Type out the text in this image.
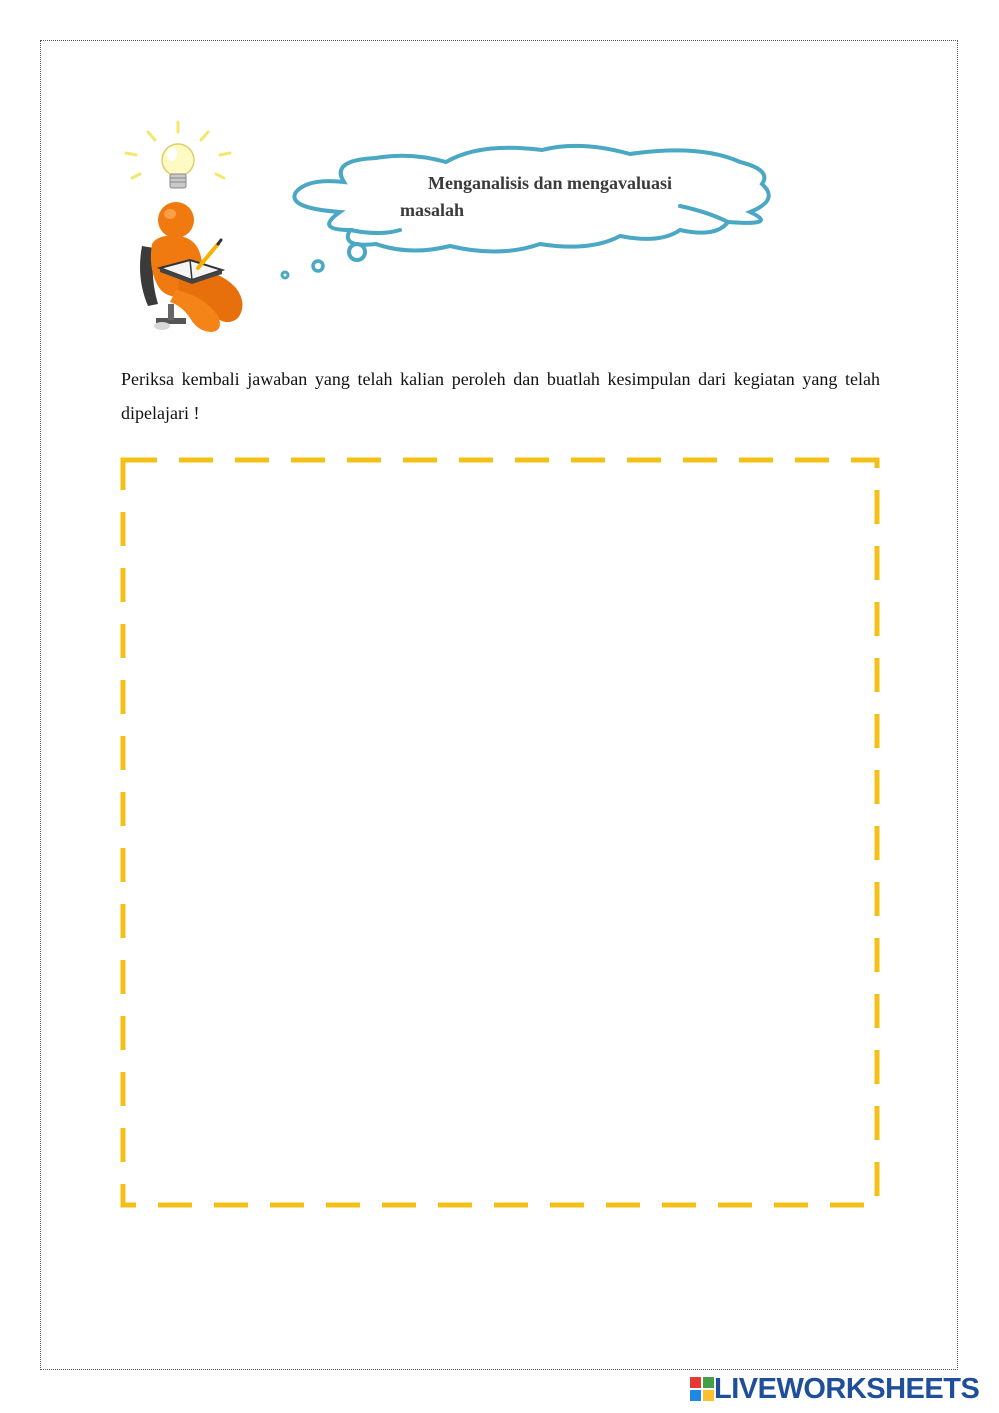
Menganalisis dan mengavaluasi
masalah

Periksa kembali jawaban yang telah kalian peroleh dan buatlah kesimpulan dari kegiatan yang telah dipelajari !

LIVEWORKSHEETS
